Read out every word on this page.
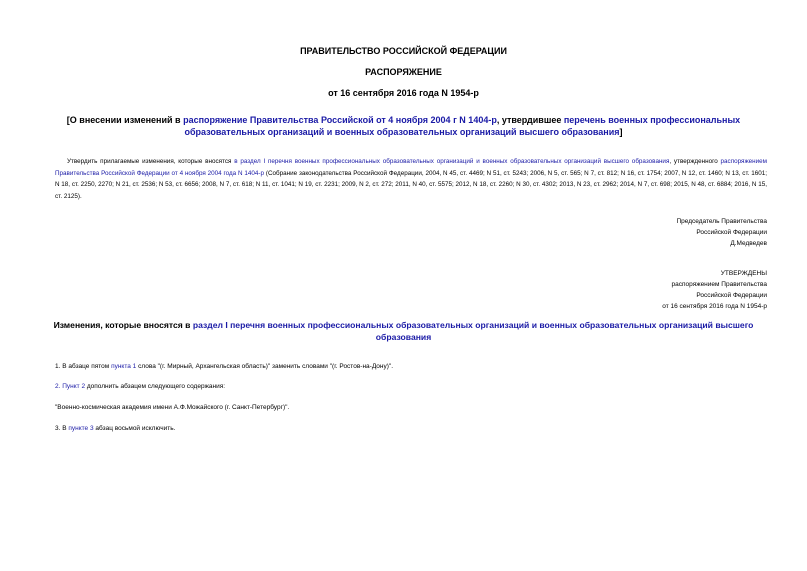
ПРАВИТЕЛЬСТВО РОССИЙСКОЙ ФЕДЕРАЦИИ
РАСПОРЯЖЕНИЕ
от 16 сентября 2016 года N 1954-р
[О внесении изменений в распоряжение Правительства Российской от 4 ноября 2004 г N 1404-р, утвердившее перечень военных профессиональных образовательных организаций и военных образовательных организаций высшего образования]
Утвердить прилагаемые изменения, которые вносятся в раздел I перечня военных профессиональных образовательных организаций и военных образовательных организаций высшего образования, утвержденного распоряжением Правительства Российской Федерации от 4 ноября 2004 года N 1404-р (Собрание законодательства Российской Федерации, 2004, N 45, ст. 4469; N 51, ст. 5243; 2006, N 5, ст. 565; N 7, ст. 812; N 16, ст. 1754; 2007, N 12, ст. 1460; N 13, ст. 1601; N 18, ст. 2250, 2270; N 21, ст. 2536; N 53, ст. 6656; 2008, N 7, ст. 618; N 11, ст. 1041; N 19, ст. 2231; 2009, N 2, ст. 272; 2011, N 40, ст. 5575; 2012, N 18, ст. 2260; N 30, ст. 4302; 2013, N 23, ст. 2962; 2014, N 7, ст. 698; 2015, N 48, ст. 6884; 2016, N 15, ст. 2125).
Председатель Правительства
Российской Федерации
Д.Медведев
УТВЕРЖДЕНЫ
распоряжением Правительства
Российской Федерации
от 16 сентября 2016 года N 1954-р
Изменения, которые вносятся в раздел I перечня военных профессиональных образовательных организаций и военных образовательных организаций высшего образования
1. В абзаце пятом пункта 1 слова "(г. Мирный, Архангельская область)" заменить словами "(г. Ростов-на-Дону)".
2. Пункт 2 дополнить абзацем следующего содержания:
"Военно-космическая академия имени А.Ф.Можайского (г. Санкт-Петербург)".
3. В пункте 3 абзац восьмой исключить.
